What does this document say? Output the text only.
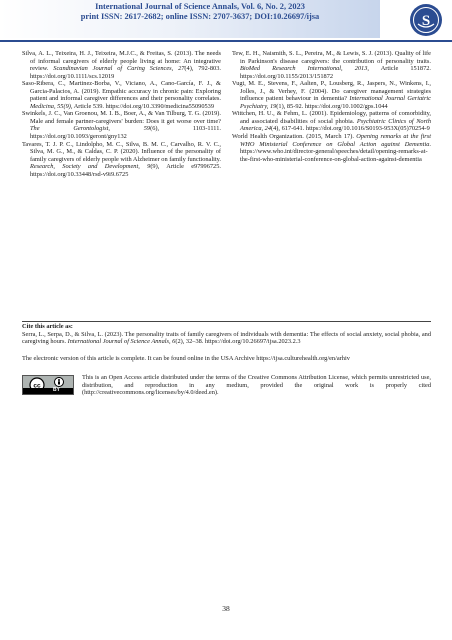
International Journal of Science Annals, Vol. 6, No. 2, 2023
print ISSN: 2617-2682; online ISSN: 2707-3637; DOI:10.26697/ijsa	S

Silva, A. L., Teixeira, H. J., Teixeira, M.J.C., & Freitas, S. (2013). The needs of informal caregivers of elderly people living at home: An integrative review. Scandinavian Journal of Caring Sciences, 27(4), 792-803. https://doi.org/10.1111/scs.12019

Saso-Ribera, C., Martinez-Borba, V., Viciano, A., Cano-García, F. J., & Garcia-Palacios, A. (2019). Empathic accuracy in chronic pain: Exploring patient and informal caregiver differences and their personality correlates. Medicina, 55(9), Article 539. https://doi.org/10.3390/medicina55090539

Swinkels, J. C., Van Groenou, M. I. B., Boer, A., & Van Tilburg, T. G. (2019). Male and female partner-caregivers' burden: Does it get worse over time? The Gerontologist, 59(6), 1103-1111. https://doi.org/10.1093/geront/gny132

Tavares, T. J. P. C., Lindolpho, M. C., Silva, B. M. C., Carvalho, R. V. C., Silva, M. G., M., & Caldas, C. P. (2020). Influence of the personality of family caregivers of elderly people with Alzheimer on family functionality. Research, Society and Development, 9(9), Article e97996725. https://doi.org/10.33448/rsd-v9i9.6725

Tew, E. H., Naismith, S. L., Pereira, M., & Lewis, S. J. (2013). Quality of life in Parkinson's disease caregivers: the contribution of personality traits. BioMed Research International, 2013, Article 151872. https://doi.org/10.1155/2013/151872

Vugt, M. E., Stevens, F., Aalten, P., Lousberg, R., Jaspers, N., Winkens, I., Jolles, J., & Verhey, F. (2004). Do caregiver management strategies influence patient behaviour in dementia? International Journal Geriatric Psychiatry, 19(1), 85-92. https://doi.org/10.1002/gps.1044

Wittchen, H. U., & Fehm, L. (2001). Epidemiology, patterns of comorbidity, and associated disabilities of social phobia. Psychiatric Clinics of North America, 24(4), 617-641. https://doi.org/10.1016/S0193-953X(05)70254-9

World Health Organization. (2015, March 17). Opening remarks at the first WHO Ministerial Conference on Global Action against Dementia. https://www.who.int/director-general/speeches/detail/opening-remarks-at-the-first-who-ministerial-conference-on-global-action-against-dementia

Cite this article as:

Serra, L., Serpa, D., & Silva, L. (2023). The personality traits of family caregivers of individuals with dementia: The effects of social anxiety, social phobia, and caregiving hours. International Journal of Science Annals, 6(2), 32–38. https://doi.org/10.26697/ijsa.2023.2.3

The electronic version of this article is complete. It can be found online in the USA Archive https://ijsa.culturehealth.org/en/arhiv

cc
BY

This is an Open Access article distributed under the terms of the Creative Commons Attribution License, which permits unrestricted use, distribution, and reproduction in any medium, provided the original work is properly cited (http://creativecommons.org/licenses/by/4.0/deed.en).

38
